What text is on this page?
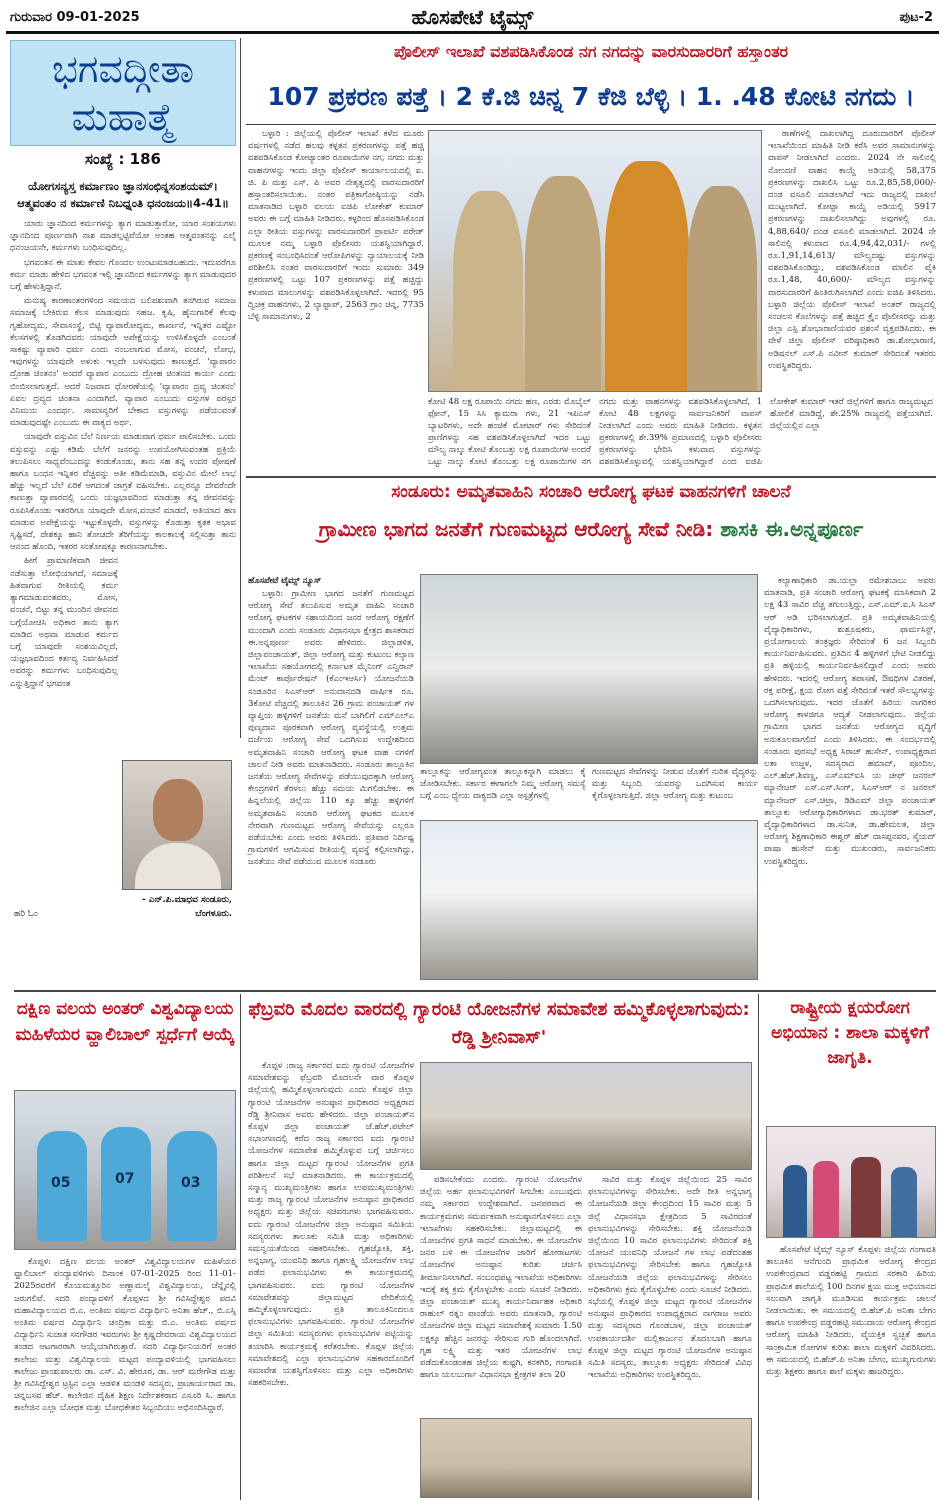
ಗುರುವಾರ 09-01-2025	ಹೊಸಪೇಟೆ ಟೈಮ್ಸ್	ಪುಟ-2
ಭಗವದ್ಗೀತಾ
ಮಹಾತ್ಮೆ
ಸಂಖ್ಯೆ : 186
ಯೋಗಸನ್ಯಸ್ತ ಕರ್ಮಾಣಂ ಜ್ಞಾನಸಂಛಿನ್ನಸಂಶಯಮ್। ಆತ್ಮವಂತಂ ನ ಕರ್ಮಾಣಿ ನಿಬಧ್ನಂತಿ ಧನಂಜಯ॥4-41॥

ಯಾರು ಜ್ಞಾನದಿಂದ ಕರ್ಮಗಳನ್ನು ತ್ಯಾಗ ಮಾಡುತ್ತಾರೋ, ಯಾರ ಸಂಶಯಗಳು ಜ್ಞಾನದಿಂದ ಪೂರ್ಣವಾಗಿ ನಾಶ ಮಾಡಲ್ಪಟ್ಟಿವೆಯೋ ಅಂತಹ ಆತ್ಮವಂತನನ್ನು ಎಲೈ ಧನಂಜಯನೇ, ಕರ್ಮಗಳು ಬಂಧಿಸುವುದಿಲ್ಲ.

ಭಗವಂತನ ಈ ಮಾತು ಕೇವಲ ಗೊಂದಲ ಉಂಟುಮಾಡಬಹುದು. ಇದುವರೆಗೂ ಕರ್ಮ ಮಾಡು ಹೇಳಿದ ಭಗವಂತ ಇಲ್ಲಿ ಜ್ಞಾನದಿಂದ ಕರ್ಮಗಳನ್ನು ತ್ಯಾಗ ಮಾಡುವುದರ ಬಗ್ಗೆ ಹೇಳುತ್ತಿದ್ದಾನೆ.

ಮನುಷ್ಯ ಕಾರಣಾಂತರಗಳಿಂದ ಸಮಯದ ಬಲಿಪಶುವಾಗಿ ತನಗಿರುವ ಸಮಾಜ ಸಮಾಜಕ್ಕೆ ಬೇಕಿರುವ ಕೆಲಸ ಮಾಡುವುದು ಸಹಜ. ಕೃಷಿ, ಹೈನುಗಾರಿಕೆ ಕೆಲವು ಗೃಹೋದ್ಯಮ, ಸೇವಾಸಂಸ್ಥೆ, ಬಿಟ್ಟಿ ವ್ಯಾಪಾರೋದ್ಯಮ, ಕಾರ್ಖಾನೆ, ಇನ್ನಿತರ ಎಷ್ಟೋ ಕೆಲಸಗಳಲ್ಲಿ ತೊಡಗಿದವರು ಯಾವುದೇ ಅಪೇಕ್ಷೆಯನ್ನು ಉಳಿಸಿಕೊಳ್ಳದೇ ಎಂಬಂತೆ ಸಾಕಷ್ಟು ವ್ಯಾಪಾರಿ ಧರ್ಮ ಎಂದು ನಂಬಲಾಗುವ ಮೋಸ, ವಂಚನೆ, ಲೋಭ, ಇವುಗಳನ್ನು ಯಾವುದೇ ಅಳುಕು ಇಲ್ಲದೇ ಬಳಸುವುದು ಕಾಣುತ್ತದೆ. 'ವ್ಯಾಪಾರಂ ದ್ರೋಹ ಚಿಂತನಂ' ಅಂದರೆ ವ್ಯಾಪಾರ ಎಂಬುದು ದ್ರೋಹ ಚಿಂತನದ ಕಾರ್ಯ ಎಂದು ಬಿಂಬಿಸಲಾಗುತ್ತದೆ. ಆದರೆ ನಿಜವಾದ ಧೋರಣೆಯಲ್ಲಿ 'ವ್ಯಾಪಾರಂ ದ್ರವ್ಯ ಚಿಂತನಂ' ಏವಲ ದ್ರವ್ಯದ ಚಿಂತನಾ ಎಂದಾಗಿದೆ. ವ್ಯಾಪಾರ ಎಂಬುದು ವಸ್ತುಗಳ ಪರಸ್ಪರ ವಿನಿಮಯ ಎಂದರ್ಥ. ಸಾಮಾನ್ಯರಿಗೆ ಬೇಕಾದ ವಸ್ತುಗಳನ್ನು ಪಡೆಯುವಂತೆ ಮಾಡುವುದಷ್ಟೇ ಎಂಬುದು ಈ ವಾಕ್ಯದ ಅರ್ಥ.

ಯಾವುದೇ ವಸ್ತುವಿನ ಬೆಲೆ ನಿರ್ಣಯ ಮಾಡುವಾಗ ಧರ್ಮ ಪಾಲಿಸಬೇಕು. ಒಂದು ವಸ್ತುವನ್ನು ಎಷ್ಟು ಕಡಿಮೆ ಬೆಲೆಗೆ ಜನರನ್ನು ಉಪಯೋಗಿಸುವಂತಹ ಪ್ರಕ್ರಿಯೆ ತಲುಪಿಸಲು ಸಾಧ್ಯವೆಂಬುದನ್ನು ಕಂಡುಕೊಂಡು, ತಾನು ಸಹ ತನ್ನ ಉದರ ಪೋಷಣೆ ಹಾಗೂ ಬಂಧನ ಇನ್ನಿತರ ವೆಚ್ಚವನ್ನು ಅತೀ ಕಡಿಮೆಮಾಡಿ, ವಸ್ತುವಿನ ಮೇಲೆ ಲಾಭ ಹೆಚ್ಚು ಇಲ್ಲದೆ ಬೆಲೆ ಏರಿಕೆ ಆಗದಂತೆ ಜಾಗ್ರತೆ ವಹಿಸಬೇಕು. ಎಲ್ಲರನ್ನೂ ದೇವರೆಂದೇ ಕಾಣುತ್ತಾ ವ್ಯಾಪಾರದಲ್ಲಿ ಒಂದು ಯಜ್ಞಭಾವದಿಂದ ಮಾಡುತ್ತಾ ತನ್ನ ಜೀವನವನ್ನು ರೂಪಿಸಿಕೊಂಡು ಇತರರಿಗೂ ಯಾವುದೇ ಮೋಸ,ವಂಚನೆ ಮಾಡದೆ, ಅತಿಯಾದ ಹಣ ಮಾಡುವ ಅಪೇಕ್ಷೆಯನ್ನು ಇಟ್ಟುಕೊಳ್ಳದೇ, ವಸ್ತುಗಳನ್ನು ಕೊಡುತ್ತಾ ಕೃತಕ ಅಭಾವ ಸೃಷ್ಟಿಸದೆ, ದೇಶಕ್ಕೂ ಹಾನಿ ತೋಚದೇ ತೆರಿಗೆಯನ್ನು ಕಾಲಕಾಲಕ್ಕೆ ಸಲ್ಲಿಸುತ್ತಾ ತಾನು ಆನಂದ ಹೊಂದಿ, ಇತರರ ಸಂತೋಷಕ್ಕೂ ಕಾರಣನಾಗಬೇಕು.

ಹೀಗೆ ಪ್ರಾಮಾಣಿಕವಾಗಿ ಜೀವನ ನಡೆಸುತ್ತಾ ಲೋಭಿಯಾಗದೆ, ಸಮಾಜಕ್ಕೆ ಹಿತವಾಗುವ ರೀತಿಯಲ್ಲಿ ಕರ್ಮ ತ್ಯಾಗಮಾಡುವಂತವರು, ಮೋಸ, ವಂಚನೆ, ಬಿಟ್ಟು ತನ್ನ ಮುಂದಿನ ಜೀವನದ ಬಗ್ಗೆಯೋಚಿಸಿ ಅಧಿಕಾರ ತಾನು ತ್ಯಾಗ ಮಾಡಿದ ಅಥವಾ ಮಾಡುವ ಕರ್ಮದ ಬಗ್ಗೆ ಯಾವುದೇ ಸಂಶಯವಿಲ್ಲದೆ, ಯಜ್ಞಭಾವದಿಂದ ಕರ್ತವ್ಯ ನಿರ್ವಹಿಸಿದರೆ ಅವರನ್ನು ಕರ್ಮಗಳು ಬಂಧಿಸುವುದಿಲ್ಲ ಎನ್ನುತ್ತಿದ್ದಾನೆ ಭಗವಂತ

- ಎನ್.ಪಿ.ಮಾಧವ ಸಂಡೂರು,
ಬೆಂಗಳೂರು.
ಹರಿ ಓಂ
ಪೊಲೀಸ್ ಇಲಾಖೆ ವಶಪಡಿಸಿಕೊಂಡ ನಗ ನಗದನ್ನು ವಾರಸುದಾರರಿಗೆ ಹಸ್ತಾಂತರ
107 ಪ್ರಕರಣ ಪತ್ತೆ । 2 ಕೆ.ಜಿ ಚಿನ್ನ 7 ಕೆಜಿ ಬೆಳ್ಳಿ । 1. .48 ಕೋಟಿ ನಗದು ।

ಬಳ್ಳಾರಿ : ಜಿಲ್ಲೆಯಲ್ಲಿ ಪೊಲೀಸ್ ಇಲಾಖೆ ಕಳೆದ ಮೂರು ವರ್ಷಗಳಲ್ಲಿ ನಡೆದ ಹಲವು ಕಳ್ಳತನ ಪ್ರಕರಣಗಳನ್ನು ಪತ್ತೆ ಹಚ್ಚಿ ವಶಪಡಿಸಿಕೊಂಡ ಕೋಟ್ಯಾಂತರ ರೂಪಾಯಿಗಳ ನಗ, ನಗದು ಮತ್ತು ವಾಹನಗಳನ್ನು ಇಂದು ಜಿಲ್ಲಾ ಪೊಲೀಸ್ ಕಾರ್ಯಾಲಯದಲ್ಲಿ ಐ. ಜಿ. ಪಿ ಮತ್ತು ಎಸ್. ಪಿ ಅವರ ನೇತೃತ್ವದಲ್ಲಿ ವಾರಸುದಾರರಿಗೆ ಹಸ್ತಾಂತರಿಸಲಾಯಿತು. ನಂತರ ಪತ್ರಿಕಾಗೋಷ್ಠಿಯನ್ನು ನಡೆಸಿ ಮಾತನಾಡಿದ ಬಳ್ಳಾರಿ ವಲಯ ಐಜಿಪಿ ಲೋಕೇಶ್ ಕುಮಾರ್ ಅವರು ಈ ಬಗ್ಗೆ ಮಾಹಿತಿ ನೀಡಿದರು. ಕಳ್ಳರಿಂದ ಹೊಸಪಡಿಸಿಕೊಂಡ ಎಲ್ಲಾ ರೀತಿಯ ವಸ್ತುಗಳನ್ನು ವಾರಸುದಾರರಿಗೆ ಪ್ರಾಪರ್ಟಿ ಪರೇಡ್ ಮೂಲಕ ನಮ್ಮ ಬಳ್ಳಾರಿ ಪೊಲೀಸರು ಯಶಸ್ವಿಯಾಗಿದ್ದಾರೆ. ಪ್ರಕರಣಕ್ಕೆ ಸಂಬಂಧಿಸಿದಂತೆ ಆರೋಪಿಗಳನ್ನು ನ್ಯಾಯಾಲಯಕ್ಕೆ ನೀಡಿ ಪರಿಶೀಲಿಸಿ ನಂತರ ವಾರಸುದಾರರಿಗೆ ಇಂದು ಸುಮಾರು 349 ಪ್ರಕರಣಗಳಲ್ಲಿ ಒಟ್ಟು 107 ಪ್ರಕರಣಗಳನ್ನು ಪತ್ತೆ ಹಚ್ಚಿದ್ದು ಕಳುವಾದ ಮಾಲುಗಳನ್ನು ವಶಪಡಿಸಿಕೊಳ್ಳಲಾಗಿದೆ. ಇದರಲ್ಲಿ 95 ದ್ವಿಚಕ್ರ ವಾಹನಗಳು, 2 ಲ್ಯಾಪ್ಟಾಪ್, 2563 ಗ್ರಾಂ ಚಿನ್ನ, 7735 ಬೆಳ್ಳಿ ಸಾಮಾನುಗಳು, 2

ಕೋಟಿ 48 ಲಕ್ಷ ರೂಪಾಯಿ ನಗದು ಹಣ, ಎರಡು ಮೊಬೈಲ್ ಫೋನ್, 15 ಸಿಸಿ ಕ್ಯಾಮರಾ ಗಳು, 21 ಇಪಿಎಸ್ ಬ್ಯಾಟರಿಗಳು, ಅದೇ ಹಂಚಿಕೆ ಮೋಟಾರ್ ಗಳು ಸೇರಿದಂತೆ ಪ್ರಾಣಿಗಳನ್ನು ಸಹ ವಶಪಡಿಸಿಕೊಳ್ಳಲಾಗಿದೆ ಇದರ ಒಟ್ಟು ಮೌಲ್ಯ ನಾಲ್ಕು ಕೋಟಿ ತೊಂಬತ್ತು ಲಕ್ಷ ರೂಪಾಯಿಗಳ ಅಂದರೆ ಒಟ್ಟು ನಾಲ್ಕು ಕೋಟಿ ತೊಂಬತ್ತು ಲಕ್ಷ ರೂಪಾಯಿಗಳ ನಗ ನಗದು ಮತ್ತು ವಾಹನಗಳನ್ನು ವಶಪಡಿಸಿಕೊಳ್ಳಲಾಗಿದೆ, 1 ಕೋಟಿ 48 ಲಕ್ಷಗಳನ್ನು ಸಾರ್ವಜನಿಕರಿಗೆ ವಾಪಸ್ ನೀಡಲಾಗಿದೆ ಎಂದು ಅವರು ಮಾಹಿತಿ ನೀಡಿದರು. ಕಳ್ಳತನ ಪ್ರಕರಣಗಳಲ್ಲಿ ಶೇ.39% ಪ್ರಮಾಣದಲ್ಲಿ ಬಳ್ಳಾರಿ ಪೊಲೀಸರು ಪ್ರಕರಣಗಳನ್ನು ಭೇದಿಸಿ ಕಳುವಾದ ವಸ್ತುಗಳನ್ನು ವಶಪಡಿಸಿಕೊಳ್ಳುವಲ್ಲಿ ಯಶಸ್ವಿಯಾಗಿದ್ದಾರೆ ಎಂದ ಐಜಿಪಿ ಲೋಕೇಶ್ ಕುಮಾರ್ ಇತರೆ ಜಿಲ್ಲೆಗಳಿಗೆ ಹಾಗೂ ರಾಜ್ಯಮಟ್ಟದ ಹೋಲಿಕೆ ಮಾಡಿದ್ದೆ, ಶೇ.25% ರಾಜ್ಯದಲ್ಲಿ ಪತ್ತೆಯಾಗಿದೆ. ಜಿಲ್ಲೆಯಲ್ಲಿನ ಎಲ್ಲಾ

ಠಾಣೆಗಳಲ್ಲಿ ದಾಖಲಾಗಿದ್ದ ದೂರುದಾರರಿಗೆ ಪೊಲೀಸ್ ಇಲಾಖೆಯಿಂದ ಮಾಹಿತಿ ನೀಡಿ ಕರೆಸಿ ಅವರ ಸಾಮಾನುಗಳನ್ನು ವಾಪಸ್ ನೀಡಲಾಗಿದೆ ಎಂದರು. 2024 ನೇ ಸಾಲಿನಲ್ಲಿ ನೋಂದಣಿ ವಾಹನ ಕಾಯ್ದೆ ಅಡಿಯಲ್ಲಿ 58,375 ಪ್ರಕರಣಗಳನ್ನು ದಾಖಲಿಸಿ ಒಟ್ಟು ರೂ.2,85,58,000/- ದಂಡ ವಸೂಲಿ ಮಾಡಲಾಗಿದೆ ಇದು ರಾಜ್ಯದಲ್ಲಿ ದಾಖಲೆ ಮುಟ್ಟಲಾಗಿದೆ. ಕೋಟ್ಪಾ ಕಾಯ್ದೆ ಅಡಿಯಲ್ಲಿ 5917 ಪ್ರಕರಣಗಳನ್ನು ದಾಖಲಿಸಲಾಗಿದ್ದು ಅವುಗಳಲ್ಲಿ ರೂ. 4,88,640/ ದಂಡ ವಸೂಲಿ ಮಾಡಲಾಗಿದೆ. 2024 ನೇ ಸಾಲಿನಲ್ಲಿ ಕಳುವಾದ ರೂ.4,94,42,031/- ಗಳಲ್ಲಿ ರೂ.1,91,14,613/ ಮೌಲ್ಯದಷ್ಟು ವಸ್ತುಗಳನ್ನು ವಶಪಡಿಸಿಕೊಂಡಿದ್ದು, ವಶಪಡಿಸಿಕೊಂಡ ಮಾಲಿನ ಪೈಕಿ ರೂ.1,48, 40,600/- ಮೌಲ್ಯದ ವಸ್ತುಗಳನ್ನು ವಾರಸುದಾರರಿಗೆ ಹಿಂತಿರುಗಿಸಲಾಗಿದೆ ಎಂದು ಐಜಿಪಿ ತಿಳಿಸಿದರು. ಬಳ್ಳಾರಿ ಜಿಲ್ಲೆಯ ಪೊಲೀಸ್ ಇಲಾಖೆ ಅಂತರ್ ರಾಜ್ಯದಲ್ಲಿ ಸಂಚಲನ ಕೊಲೆಗಳನ್ನು ಪತ್ತೆ ಹಚ್ಚಿದ ಕ್ರೈಂ ಪೊಲೀಸರನ್ನು ಮತ್ತು ಜಿಲ್ಲಾ ಎಸ್ಪಿ ಶೋಭಾರಾಣಿಯವರ ಪ್ರಶಂಸೆ ವ್ಯಕ್ತಪಡಿಸಿದರು. ಈ ವೇಳೆ ಜಿಲ್ಲಾ ಪೊಲೀಸ್ ವರಿಷ್ಠಾಧಿಕಾರಿ ಡಾ.ಶೋಭಾರಾಣಿ, ಅಡಿಷನಲ್ ಎಸ್.ಪಿ ನವೀನ್ ಕುಮಾರ್ ಸೇರಿದಂತೆ ಇತರರು ಉಪಸ್ಥಿತರಿದ್ದರು.

ಸಂಡೂರು: ಅಮೃತವಾಹಿನಿ ಸಂಚಾರಿ ಆರೋಗ್ಯ ಘಟಕ ವಾಹನಗಳಿಗೆ ಚಾಲನೆ
ಗ್ರಾಮೀಣ ಭಾಗದ ಜನತೆಗೆ ಗುಣಮಟ್ಟದ ಆರೋಗ್ಯ ಸೇವೆ ನೀಡಿ: ಶಾಸಕಿ ಈ.ಅನ್ನಪೂರ್ಣ
ಹೊಸಪೇಟೆ ಟೈಮ್ಸ್ ನ್ಯೂಸ್

ಬಳ್ಳಾರಿ: ಗ್ರಾಮೀಣ ಭಾಗದ ಜನತೆಗೆ ಗುಣಮಟ್ಟದ ಆರೋಗ್ಯ ಸೇವೆ ತಲುಪಿಸುವ ಅಮೃತ ವಾಹಿನಿ ಸಂಚಾರಿ ಆರೋಗ್ಯ ಘಟಕಗಳ ಸಹಾಯದಿಂದ ಜನರ ಆರೋಗ್ಯ ರಕ್ಷಣೆಗೆ ಮುಂದಾಗಿ ಎಂದು ಸಂಡೂರು ವಿಧಾನಸಭಾ ಕ್ಷೇತ್ರದ ಶಾಸಕರಾದ ಈ.ಅನ್ನಪೂರ್ಣ ಅವರು ಹೇಳಿದರು. ಜಿಲ್ಲಾಡಳಿತ, ಜಿಲ್ಲಾಪಂಚಾಯತ್, ಜಿಲ್ಲಾ ಆರೋಗ್ಯ ಮತ್ತು ಕುಟುಂಬ ಕಲ್ಯಾಣ ಇಲಾಖೆಯ ಸಹಯೋಗದಲ್ಲಿ ಕರ್ನಾಟಕ ಮೈನಿಂಗ್ ಎನ್ವಿರಾನ್ ಮೆಂಟ್ ಕಾರ್ಪೊರೇಷನ್ (ಕೆಎಂಇಆರ್ಸಿ) ಯೋಜನೆಯಡಿ ಸಂಡೂರಿನ ಸಿಎಸ್ಆರ್ ಅನುದಾನದಡಿ ವಾರ್ಷಿಕ ರೂ. 3ಕೋಟಿ ವೆಚ್ಚದಲ್ಲಿ ತಾಲೂಕಿನ 26 ಗ್ರಾಮ ಪಂಚಾಯತ್ ಗಳ ವ್ಯಾಪ್ತಿಯ ಹಳ್ಳಿಗಳಿಗೆ ಜನತೆಯ ಮನೆ ಬಾಗಿಲಿಗೆ ಎಮ್ಎಲ್ಎ ಪುಣ್ಯದಾನ ಪೂರಕವಾಗಿ ಆರೋಗ್ಯ ವ್ಯವಸ್ಥೆಯಲ್ಲಿ ಉತ್ತಮ ದರ್ಜೆಯ ಆರೋಗ್ಯ ಸೇವೆ ಒದಗಿಸುವ ಉದ್ದೇಶದಿಂದ ಅಮೃತವಾಹಿನಿ ಸಂಚಾರಿ ಆರೋಗ್ಯ ಘಟಕ ವಾಹ ನಗಳಿಗೆ ಚಾಲನೆ ನೀಡಿ ಅವರು ಮಾತನಾಡಿದರು. ಸಂಡೂರು ತಾಲ್ಲೂಕಿನ ಜನತೆಯ ಆರೋಗ್ಯ ಸೇವೆಗಳನ್ನು ಪಡೆಯುವುದಕ್ಕಾಗಿ ಆರೋಗ್ಯ ಕೇಂದ್ರಗಳಿಗೆ ತೆರಳಲು ಹೆಚ್ಚು ಸಮಯ ಮಿಗಲಿಡಬೇಕು. ಈ ಹಿನ್ನಲೆಯಲ್ಲಿ ಜಿಲ್ಲೆಯ 110 ಕ್ಕೂ ಹೆಚ್ಚು ಹಳ್ಳಿಗಳಿಗೆ ಅಮೃತವಾಹಿನಿ ಸಂಚಾರಿ ಆರೋಗ್ಯ ಘಟಕದ ಮೂಲಕ ನೇರವಾಗಿ ಗುಣಮಟ್ಟದ ಆರೋಗ್ಯ ಸೇವೆಯನ್ನು ಎಲ್ಲರೂ ಪಡೆಯಬೇಕು ಎಂದು ಅವರು ತಿಳಿಸಿದರು. ಪ್ರತಿವಾರ ನಿರ್ದಿಷ್ಟ ಗ್ರಾಮಗಳಿಗೆ ಆಗಮಿಸುವ ರೀತಿಯಲ್ಲಿ ವ್ಯವಸ್ಥೆ ಕಲ್ಪಿಸಲಾಗಿದ್ದು, ಜನತೆಯು ಸೇವೆ ಪಡೆಯುವ ಮೂಲಕ ಸಂಡೂರು

ತಾಲ್ಲೂಕನ್ನು ಆರೋಗ್ಯವಂತ ತಾಲ್ಲೂಕನ್ನಾಗಿ ಮಾಡಲು ಕೈ ಜೋಡಿಸಬೇಕು. ಸರ್ಕಾರ ಈಗಾಗಲೇ ನಿಮ್ಮ ಆರೋಗ್ಯ ಸಮಸ್ಯೆ ಬಗ್ಗೆ ಎಂಬ ಧ್ಯೇಯ ವಾಕ್ಯದಡಿ ಎಲ್ಲಾ ಆಸ್ಪತ್ರೆಗಳಲ್ಲಿ
ಗುಣಮಟ್ಟದ ಸೇವೆಗಳನ್ನು ನೀಡುವ ಜೊತೆಗೆ ನುರಿತ ವೈದ್ಯರನ್ನು ಮತ್ತು ಸಿಬ್ಬಂದಿ ಯವರನ್ನು ಒದಗಿಸುವ ಕಾರ್ಯ ಕೈಗೊಳ್ಳಲಾಗುತ್ತಿದೆ. ಜಿಲ್ಲಾ ಆರೋಗ್ಯ ಮತ್ತು ಕುಟುಂಬ

ಕಲ್ಯಾಣಾಧಿಕಾರಿ ಡಾ.ಯಲ್ಲಾ ರಮೇಶಬಾಬು ಅವರು ಮಾತನಾಡಿ, ಪ್ರತಿ ಸಂಚಾರಿ ಆರೋಗ್ಯ ಘಟಕಕ್ಕೆ ಮಾಸಿಕವಾಗಿ 2 ಲಕ್ಷ 43 ಸಾವಿರ ವೆಚ್ಚ ತಗುಲುತ್ತಿದ್ದು, ಎಸ್.ಎಮ್.ಐ.ಸಿ ಸಿಎಸ್ ಆರ್ ಅಡಿ ಭರಿಸಲಾಗುತ್ತದೆ. ಪ್ರತಿ ಅಮೃತವಾಹಿನಿಯಲ್ಲಿ ವೈದ್ಯಾಧಿಕಾರಿಗಳು, ಶುಶ್ರೂಷಕರು, ಫಾರ್ಮಸಿಸ್ಟ್, ಪ್ರಯೋಗಾಲಯ ತಂತ್ರಜ್ಞರು ಸೇರಿದಂತೆ 6 ಜನ ಸಿಬ್ಬಂದಿ ಕಾರ್ಯನಿರ್ವಹಿಸುವರು. ಪ್ರತಿದಿನ 4 ಹಳ್ಳಿಗಳಿಗೆ ಭೇಟಿ ನೀಡಲಿದ್ದು ಪ್ರತಿ ಹಳ್ಳಿಯಲ್ಲಿ ಕಾರ್ಯನಿರ್ವಹಿಸಲಿದ್ದಾರೆ ಎಂದು ಅವರು ಹೇಳಿದರು. ಇದರಲ್ಲಿ ಆರೋಗ್ಯ ತಪಾಸಣೆ, ಔಷಧಿಗಳ ವಿತರಣೆ, ರಕ್ತ ಪರೀಕ್ಷೆ, ಕ್ಷಯ ರೋಗ ಪತ್ತೆ ಸೇರಿದಂತೆ ಇತರೆ ಸೌಲಭ್ಯಗಳನ್ನು ಒದಗಿಸಲಾಗುವುದು. ಇದರ ಜೊತೆಗೆ ಹಿರಿಯ ನಾಗರಿಕರ ಆರೋಗ್ಯ ಕಾಳಜಿಗೂ ಆದ್ಯತೆ ನೀಡಲಾಗುವುದು. ಜಿಲ್ಲೆಯ ಗ್ರಾಮೀಣ ಭಾಗದ ಜನತೆಯ ಆರೋಗ್ಯದ ವೃದ್ಧಿಗೆ ಅನುಕೂಲವಾಗಲಿದೆ ಎಂದು ತಿಳಿಸಿದರು. ಈ ಸಂದರ್ಭದಲ್ಲಿ ಸಂಡೂರು ಪುರಸಭೆ ಅಧ್ಯಕ್ಷ ಸಿರಾಜ್ ಹುಸೇನ್, ಉಪಾಧ್ಯಕ್ಷರಾದ ಲತಾ ಉಜ್ಜಳ, ಸದಸ್ಯರಾದ ಹಮಾದ್, ಪೂಂದಿಲ, ಎಲ್.ಹೆಚ್.ಶಿವಣ್ಣ, ಎಸ್‌ಎಮ್‌ಐಸಿ ಯ ಚೀಫ್ ಜನರಲ್ ಮ್ಯಾನೇಜರ್ ಎಸ್.ಎಸ್.ಸಿಂಗ್, ಸಿಎಸ್‌ಆರ್ ನ ಜನರಲ್ ಮ್ಯಾನೇಜರ್ ಎಸ್.ಚಿಟ್ರಾ, ಡಿಡಿಎಮ್ ಜಿಲ್ಲಾ ಪಂಚಾಯತ್ ತಾಲ್ಲೂಕು ಆರೋಗ್ಯಾಧಿಕಾರಿಗಳಾದ ಡಾ.ಭರತ್ ಕುಮಾರ್, ವೈದ್ಯಾಧಿಕಾರಿಗಳಾದ ಡಾ.ಸುನಿತ, ಡಾ.ಹೇಮಲತ, ಜಿಲ್ಲಾ ಆರೋಗ್ಯ ಶಿಕ್ಷಣಾಧಿಕಾರಿ ಈಶ್ವರ್ ಹೆಚ್ ದಾಸಪ್ಪನವರ, ಸೈಯದ್ ಪಾಷಾ ಹುಸೇನ್ ಮತ್ತು ಮುಖಂಡರು, ಸಾರ್ವಜನಿಕರು ಉಪಸ್ಥಿತರಿದ್ದರು.

ದಕ್ಷಿಣ ವಲಯ ಅಂತರ್ ವಿಶ್ವವಿದ್ಯಾಲಯ ಮಹಿಳೆಯರ ವ್ಹಾಲಿಬಾಲ್ ಸ್ಪರ್ಧೆಗೆ ಆಯ್ಕೆ
05	07	03

ಕೊಪ್ಪಳ: ದಕ್ಷಿಣ ವಲಯ ಅಂತರ್ ವಿಶ್ವವಿದ್ಯಾಲಯಗಳ ಮಹಿಳೆಯರ ವ್ಹಾಲಿಬಾಲ್ ಪಂದ್ಯಾವಳಿಗಳು ದಿನಾಂಕ 07-01-2025 ರಿಂದ 11-01-2025ರವರೆಗೆ ಕೊಯಮತ್ತೂರಿನ ಅಣ್ಣಾಮಲೈ ವಿಶ್ವವಿದ್ಯಾಲಯ, ಚೆನ್ನೈನಲ್ಲಿ ಜರುಗಲಿವೆ. ಸದರಿ ಪಂದ್ಯಾವಳಿಗೆ ಕೊಪ್ಪಳದ ಶ್ರೀ ಗವಿಸಿದ್ಧೇಶ್ವರ ಪದವಿ ಮಹಾವಿದ್ಯಾಲಯದ ಬಿ.ಎ. ಅಂತಿಮ ವರ್ಷದ ವಿದ್ಯಾರ್ಥಿನಿ ಅನಿತಾ ಹೆಚ್., ಬಿ.ಎಸ್ಸಿ ಅಂತಿಮ ವರ್ಷದ ವಿದ್ಯಾರ್ಥಿನಿ ಚಂದ್ರಿಕಾ ಮತ್ತು ಬಿ.ಎ. ಅಂತಿಮ ವರ್ಷದ ವಿದ್ಯಾರ್ಥಿನಿ ಸುಜಾತ ಸನಗೌಡರ ಇವರುಗಳು ಶ್ರೀ ಕೃಷ್ಣದೇವರಾಯ ವಿಶ್ವವಿದ್ಯಾಲಯದ ತಂಡದ ಆಟಗಾರರಾಗಿ ಆಯ್ಕೆಯಾಗಿರುತ್ತಾರೆ. ಸದರಿ ವಿದ್ಯಾರ್ಥಿನಿಯರಿಗೆ ಅಂತರ ಕಾಲೇಜು ಮತ್ತು ವಿಶ್ವವಿದ್ಯಾಲಯ ಮಟ್ಟದ ಪಂದ್ಯಾವಳಿಯಲ್ಲಿ ಭಾಗವಹಿಸಲು ಕಾಲೇಜು ಪ್ರಾಂಶುಪಾಲರು ಡಾ. ಎಸ್. ವಿ. ಹೇರೂರ, ಡಾ. ಆರ್ ಮರೇಗೌಡ ಮತ್ತು ಶ್ರೀ ಗವಿಸಿದ್ದೇಶ್ವರ ಟ್ರಸ್ಟಿನ ಎಲ್ಲಾ ಆಡಳಿತ ಮಂಡಳಿ ಸದಸ್ಯರು, ಪ್ರಾಚಾರ್ಯರಾದ ಡಾ. ಚನ್ನಬಸವ ಹೆಚ್. ಕಾಲೇಜಿನ ದೈಹಿಕ ಶಿಕ್ಷಣ ನಿರ್ದೇಶಕರಾದ ಎಸೂರಿ ಸಿ. ಹಾಗೂ ಕಾಲೇಜಿನ ಎಲ್ಲಾ ಬೋಧಕ ಮತ್ತು ಬೋಧಕೇತರ ಸಿಬ್ಬಂದಿಯು ಅಭಿನಂದಿಸಿದ್ದಾರೆ.

ಫೆಬ್ರವರಿ ಮೊದಲ ವಾರದಲ್ಲಿ ಗ್ಯಾರಂಟಿ ಯೋಜನೆಗಳ ಸಮಾವೇಶ ಹಮ್ಮಿಕೊಳ್ಳಲಾಗುವುದು: ರೆಡ್ಡಿ ಶ್ರೀನಿವಾಸ್'

ಕೊಪ್ಪಳ :ರಾಜ್ಯ ಸರ್ಕಾರದ ಐದು ಗ್ಯಾರಂಟಿ ಯೋಜನೆಗಳ ಸಮಾವೇಶವನ್ನು ಫೆಬ್ರವರಿ ಮೊದಲನೇ ವಾರ ಕೊಪ್ಪಳ ಜಿಲ್ಲೆಯಲ್ಲಿ ಹಮ್ಮಿಕೊಳ್ಳಲಾಗುವುದು ಎಂದು ಕೊಪ್ಪಳ ಜಿಲ್ಲಾ ಗ್ಯಾರಂಟಿ ಯೋಜನೆಗಳ ಅನುಷ್ಠಾನ ಪ್ರಾಧಿಕಾರದ ಅಧ್ಯಕ್ಷರಾದ ರೆಡ್ಡಿ ಶ್ರೀನಿವಾಸ ಅವರು ಹೇಳಿದರು. ಜಿಲ್ಲಾ ಪಂಚಾಯತ್‌ನ ಕೊಪ್ಪಳ ಜಿಲ್ಲಾ ಪಂಚಾಯತ್ ಜೆ.ಹೆಚ್.ಪಟೇಲ್ ಸಭಾಂಗಣದಲ್ಲಿ ಕರೆದ ರಾಜ್ಯ ಸರ್ಕಾರದ ಐದು ಗ್ಯಾರಂಟಿ ಯೋಜನೆಗಳ ಸಮಾವೇಶ ಹಮ್ಮಿಕೊಳ್ಳುವ ಬಗ್ಗೆ ಚರ್ಚಿಸಲು ಹಾಗೂ ಜಿಲ್ಲಾ ಮಟ್ಟದ ಗ್ಯಾರಂಟಿ ಯೋಜನೆಗಳ ಪ್ರಗತಿ ಪರಿಶೀಲನೆ ಸಭೆ ಮಾತನಾಡಿದರು. ಈ ಕಾರ್ಯಕ್ರಮದಲ್ಲಿ ಸನ್ಮಾನ್ಯ ಮುಖ್ಯಮಂತ್ರಿಗಳು ಹಾಗೂ ಉಪಮುಖ್ಯಮಂತ್ರಿಗಳು ಮತ್ತು ರಾಜ್ಯ ಗ್ಯಾರಂಟಿ ಯೋಜನೆಗಳ ಅನುಷ್ಠಾನ ಪ್ರಾಧಿಕಾರದ ಅಧ್ಯಕ್ಷರು ಮತ್ತು ಜಿಲ್ಲೆಯ ಸಚಿವರುಗಳು ಭಾಗವಹಿಸುವರು. ಐದು ಗ್ಯಾರಂಟಿ ಯೋಜನೆಗಳ ಜಿಲ್ಲಾ ಅನುಷ್ಠಾನ ಸಮಿತಿಯ ಸದಸ್ಯರುಗಳು ತಾಲೂಕು ಸಮಿತಿ ಮತ್ತು ಅಧಿಕಾರಿಗಳು ಸಮನ್ವಯತೆಯಿಂದ ಸಹಕರಿಸಬೇಕು. ಗೃಹಜ್ಯೋತಿ, ಶಕ್ತಿ, ಅನ್ನಭಾಗ್ಯ, ಯುವನಿಧಿ ಹಾಗೂ ಗೃಹಲಕ್ಷ್ಮಿ ಯೋಜನೆಗಳ ಲಾಭ ಪಡೆದ ಫಲಾನುಭವಿಗಳು ಈ ಕಾರ್ಯಕ್ರಮದಲ್ಲಿ ಭಾಗವಹಿಸುವರು. ಐದು ಗ್ಯಾರಂಟಿ ಯೋಜನೆಗಳ ಸಮಾವೇಶವನ್ನು ಜಿಲ್ಲಾಮಟ್ಟದ ವೇದಿಕೆಯಲ್ಲಿ ಹಮ್ಮಿಕೊಳ್ಳಲಾಗುವುದು. ಪ್ರತಿ ತಾಲೂಕಿನಿಂದಲೂ ಫಲಾನುಭವಿಗಳು ಭಾಗವಹಿಸುವರು. ಗ್ಯಾರಂಟಿ ಯೋಜನೆಗಳ ಜಿಲ್ಲಾ ಸಮಿತಿಯ ಸದಸ್ಯರುಗಳು ಫಲಾನುಭವಿಗಳ ಪಟ್ಟಿಯನ್ನು ತಯಾರಿಸಿ ಕಾರ್ಯಕ್ರಮಕ್ಕೆ ಕರೆತರಬೇಕು. ಕೊಪ್ಪಳ ಜಿಲ್ಲೆಯ ಸಮಾವೇಶದಲ್ಲಿ ಎಲ್ಲಾ ಫಲಾನುಭವಿಗಳ ಸಹಕಾರದೊಂದಿಗೆ ಸಮಾವೇಶ ಯಶಸ್ವಿಗೊಳಿಸಲು ಮತ್ತು ಎಲ್ಲಾ ಅಧಿಕಾರಿಗಳು ಸಹಕರಿಸಬೇಕು.

ಪಡಿಸಬೇಕೆಂದು ಎಂದರು. ಗ್ಯಾರಂಟಿ ಯೋಜನೆಗಳ ಜಿಲ್ಲೆಯ ಅರ್ಹ ಫಲಾನುಭವಿಗಳಿಗೆ ಸಿಗಬೇಕು ಎಂಬುವುದು ನಮ್ಮ ಸರ್ಕಾರದ ಉದ್ದೇಶವಾಗಿದೆ. ಜನಪರವಾದ ಈ ಕಾರ್ಯಕ್ರಮಗಳು ಸಮರ್ಪಕವಾಗಿ ಅನುಷ್ಠಾನಗೊಳಿಸಲು ಎಲ್ಲಾ ಇಲಾಖೆಗಳು ಸಹಕರಿಸಬೇಕು. ಜಿಲ್ಲಾಮಟ್ಟದಲ್ಲಿ ಈ ಯೋಜನೆಗಳ ಪ್ರಗತಿ ಸಾಧನೆ ಮಾಡಬೇಕು. ಈ ಯೋಜನೆಗಳ ಜನರ ಬಳಿ ಈ ಯೋಜನೆಗಳ ಜಾರಿಗೆ ಹೋರಾಟಗಳು ಯೋಜನೆಗಳ ಅನುಷ್ಠಾನ ಕುರಿತು ಚರ್ಚಿಸಿ ತೀರ್ಮಾನಿಸಲಾಗಿದೆ. ಸಂಬಂಧಪಟ್ಟ ಇಲಾಖೆಯ ಅಧಿಕಾರಿಗಳು ಇದಕ್ಕೆ ತಕ್ಕ ಕ್ರಮ ಕೈಗೊಳ್ಳಬೇಕು ಎಂದು ಸೂಚನೆ ನೀಡಿದರು. ಜಿಲ್ಲಾ ಪಂಚಾಯತ್ ಮುಖ್ಯ ಕಾರ್ಯನಿರ್ವಾಹಕ ಅಧಿಕಾರಿ ರಾಹುಲ್ ರತ್ನಂ ಪಾಂಡೆಯ ಅವರು ಮಾತನಾಡಿ, ಗ್ಯಾರಂಟಿ ಯೋಜನೆಗಳ ಜಿಲ್ಲಾ ಮಟ್ಟದ ಸಮಾವೇಶಕ್ಕೆ ಸುಮಾರು 1.50 ಲಕ್ಷಕ್ಕೂ ಹೆಚ್ಚಿನ ಜನರನ್ನು ಸೇರಿಸುವ ಗುರಿ ಹೊಂದಲಾಗಿದೆ. ಗೃಹ ಲಕ್ಷ್ಮಿ ಮತ್ತು ಇತರ ಯೋಜನೆಗಳ ಲಾಭ ಪಡೆದುಕೊಂಡಂತಹ ಜಿಲ್ಲೆಯ ಕುಷ್ಟಗಿ, ಕನಕಗಿರಿ, ಗಂಗಾವತಿ ಹಾಗೂ ಯಲಬುರ್ಗಾ ವಿಧಾನಸಭಾ ಕ್ಷೇತ್ರಗಳ ತಲಾ 20

ಸಾವಿರ ಮತ್ತು ಕೊಪ್ಪಳ ಜಿಲ್ಲೆಯಿಂದ 25 ಸಾವಿರ ಫಲಾನುಭವಿಗಳನ್ನು ಸೇರಿಸಬೇಕು. ಅದೇ ರೀತಿ ಅನ್ನಭಾಗ್ಯ ಯೋಜನೆಯಡಿ ಜಿಲ್ಲಾ ಕೇಂದ್ರದಿಂದ 15 ಸಾವಿರ ಮತ್ತು 5 ಜಿಲ್ಲೆ ವಿಧಾನಸಭಾ ಕ್ಷೇತ್ರದಿಂದ 5 ಸಾವಿರದಂತೆ ಫಲಾನುಭವಿಗಳನ್ನು ಸೇರಿಸಬೇಕು. ಶಕ್ತಿ ಯೋಜನೆಯಡಿ ಜಿಲ್ಲೆಯಿಂದ 10 ಸಾವಿರ ಫಲಾನುಭವಿಗಳು ಸೇರಿದಂತೆ ಶಕ್ತಿ ಯೋಜನೆ ಯುವನಿಧಿ ಯೋಜನೆ ಗಳ ಲಾಭ ಪಡೆದಂತಹ ಫಲಾನುಭವಿಗಳನ್ನು ಸೇರಿಸಬೇಕು ಹಾಗೂ ಗೃಹಜ್ಯೋತಿ ಯೋಜನೆಯಡಿ ಜಿಲ್ಲೆಯ ಫಲಾನುಭವಿಗಳನ್ನು ಸೇರಿಸಲು ಅಧಿಕಾರಿಗಳು ಕ್ರಮ ಕೈಗೊಳ್ಳಬೇಕು ಎಂದು ಸೂಚನೆ ನೀಡಿದರು. ಸಭೆಯಲ್ಲಿ ಕೊಪ್ಪಳ ಜಿಲ್ಲಾ ಮಟ್ಟದ ಗ್ಯಾರಂಟಿ ಯೋಜನೆಗಳ ಅನುಷ್ಠಾನ ಪ್ರಾಧಿಕಾರದ ಉಪಾಧ್ಯಕ್ಷರಾದ ನಾಗರಾಜ ಅವರು ಮತ್ತು ಸದಸ್ಯರಾದ ಗೊಂಡಬಾಳ, ಜಿಲ್ಲಾ ಪಂಚಾಯತ್ ಉಪಕಾರ್ಯದರ್ಶಿ ಮಲ್ಲಿಕಾರ್ಜುನ ತೊದಲಬಾಗಿ ಹಾಗೂ ಕೊಪ್ಪಳ ಜಿಲ್ಲಾ ಮಟ್ಟದ ಗ್ಯಾರಂಟಿ ಯೋಜನೆಗಳ ಅನುಷ್ಠಾನ ಸಮಿತಿ ಸದಸ್ಯರು, ತಾಲ್ಲೂಕು ಅಧ್ಯಕ್ಷರು ಸೇರಿದಂತೆ ವಿವಿಧ ಇಲಾಖೆಯ ಅಧಿಕಾರಿಗಳು ಉಪಸ್ಥಿತರಿದ್ದರು.

ರಾಷ್ಟ್ರೀಯ ಕ್ಷಯರೋಗ ಅಭಿಯಾನ : ಶಾಲಾ ಮಕ್ಕಳಿಗೆ ಜಾಗೃತಿ.

ಹೊಸಪೇಟೆ ಟೈಮ್ಸ್ ನ್ಯೂಸ್ ಕೊಪ್ಪಳ: ಜಿಲ್ಲೆಯ ಗಂಗಾವತಿ ತಾಲೂಕಿನ ಆನೆಗುಂದಿ ಪ್ರಾಥಮಿಕ ಆರೋಗ್ಯ ಕೇಂದ್ರದ ಉಪಕೇಂದ್ರವಾದ ವಡ್ಡರಹಟ್ಟಿ ಗ್ರಾಮದ ಸರಕಾರಿ ಹಿರಿಯ ಪ್ರಾಥಮಿಕ ಶಾಲೆಯಲ್ಲಿ 100 ದಿನಗಳ ಕ್ಷಯ ಮುಕ್ತ ಅಭಿಯಾನದ ಸಲುವಾಗಿ ಜಾಗೃತಿ ಮೂಡಿಸುವ ಕಾರ್ಯಕ್ರಮ ಚಾಲನೆ ನೀಡಲಾಯಿತು. ಈ ಸಮಯದಲ್ಲಿ ಬಿ.ಹೆಚ್.ಪಿ ಅನಿತಾ ಬೇಗಂ ಹಾಗೂ ಉಪಕೇಂದ್ರ ವಡ್ಡರಹಟ್ಟಿ ಸಮುದಾಯ ಆರೋಗ್ಯ ಕೇಂದ್ರದ ಆರೋಗ್ಯ ಮಾಹಿತಿ ನೀಡಿದರು. ವೈಯಕ್ತಿಕ ಸ್ವಚ್ಛತೆ ಹಾಗೂ ಸಾಂಕ್ರಾಮಿಕ ರೋಗಗಳ ಕುರಿತು ಶಾಲಾ ಮಕ್ಕಳಿಗೆ ವಿವರಿಸಿದರು. ಈ ಸಮಯದಲ್ಲಿ ಬಿ.ಹೆಚ್.ಪಿ ಅನಿತಾ ಬೇಗಂ, ಮುಖ್ಯಗುರುಗಳು ಮತ್ತು ಶಿಕ್ಷಕರು ಹಾಗೂ ಶಾಲೆ ಮಕ್ಕಳು ಹಾಜರಿದ್ದರು.
